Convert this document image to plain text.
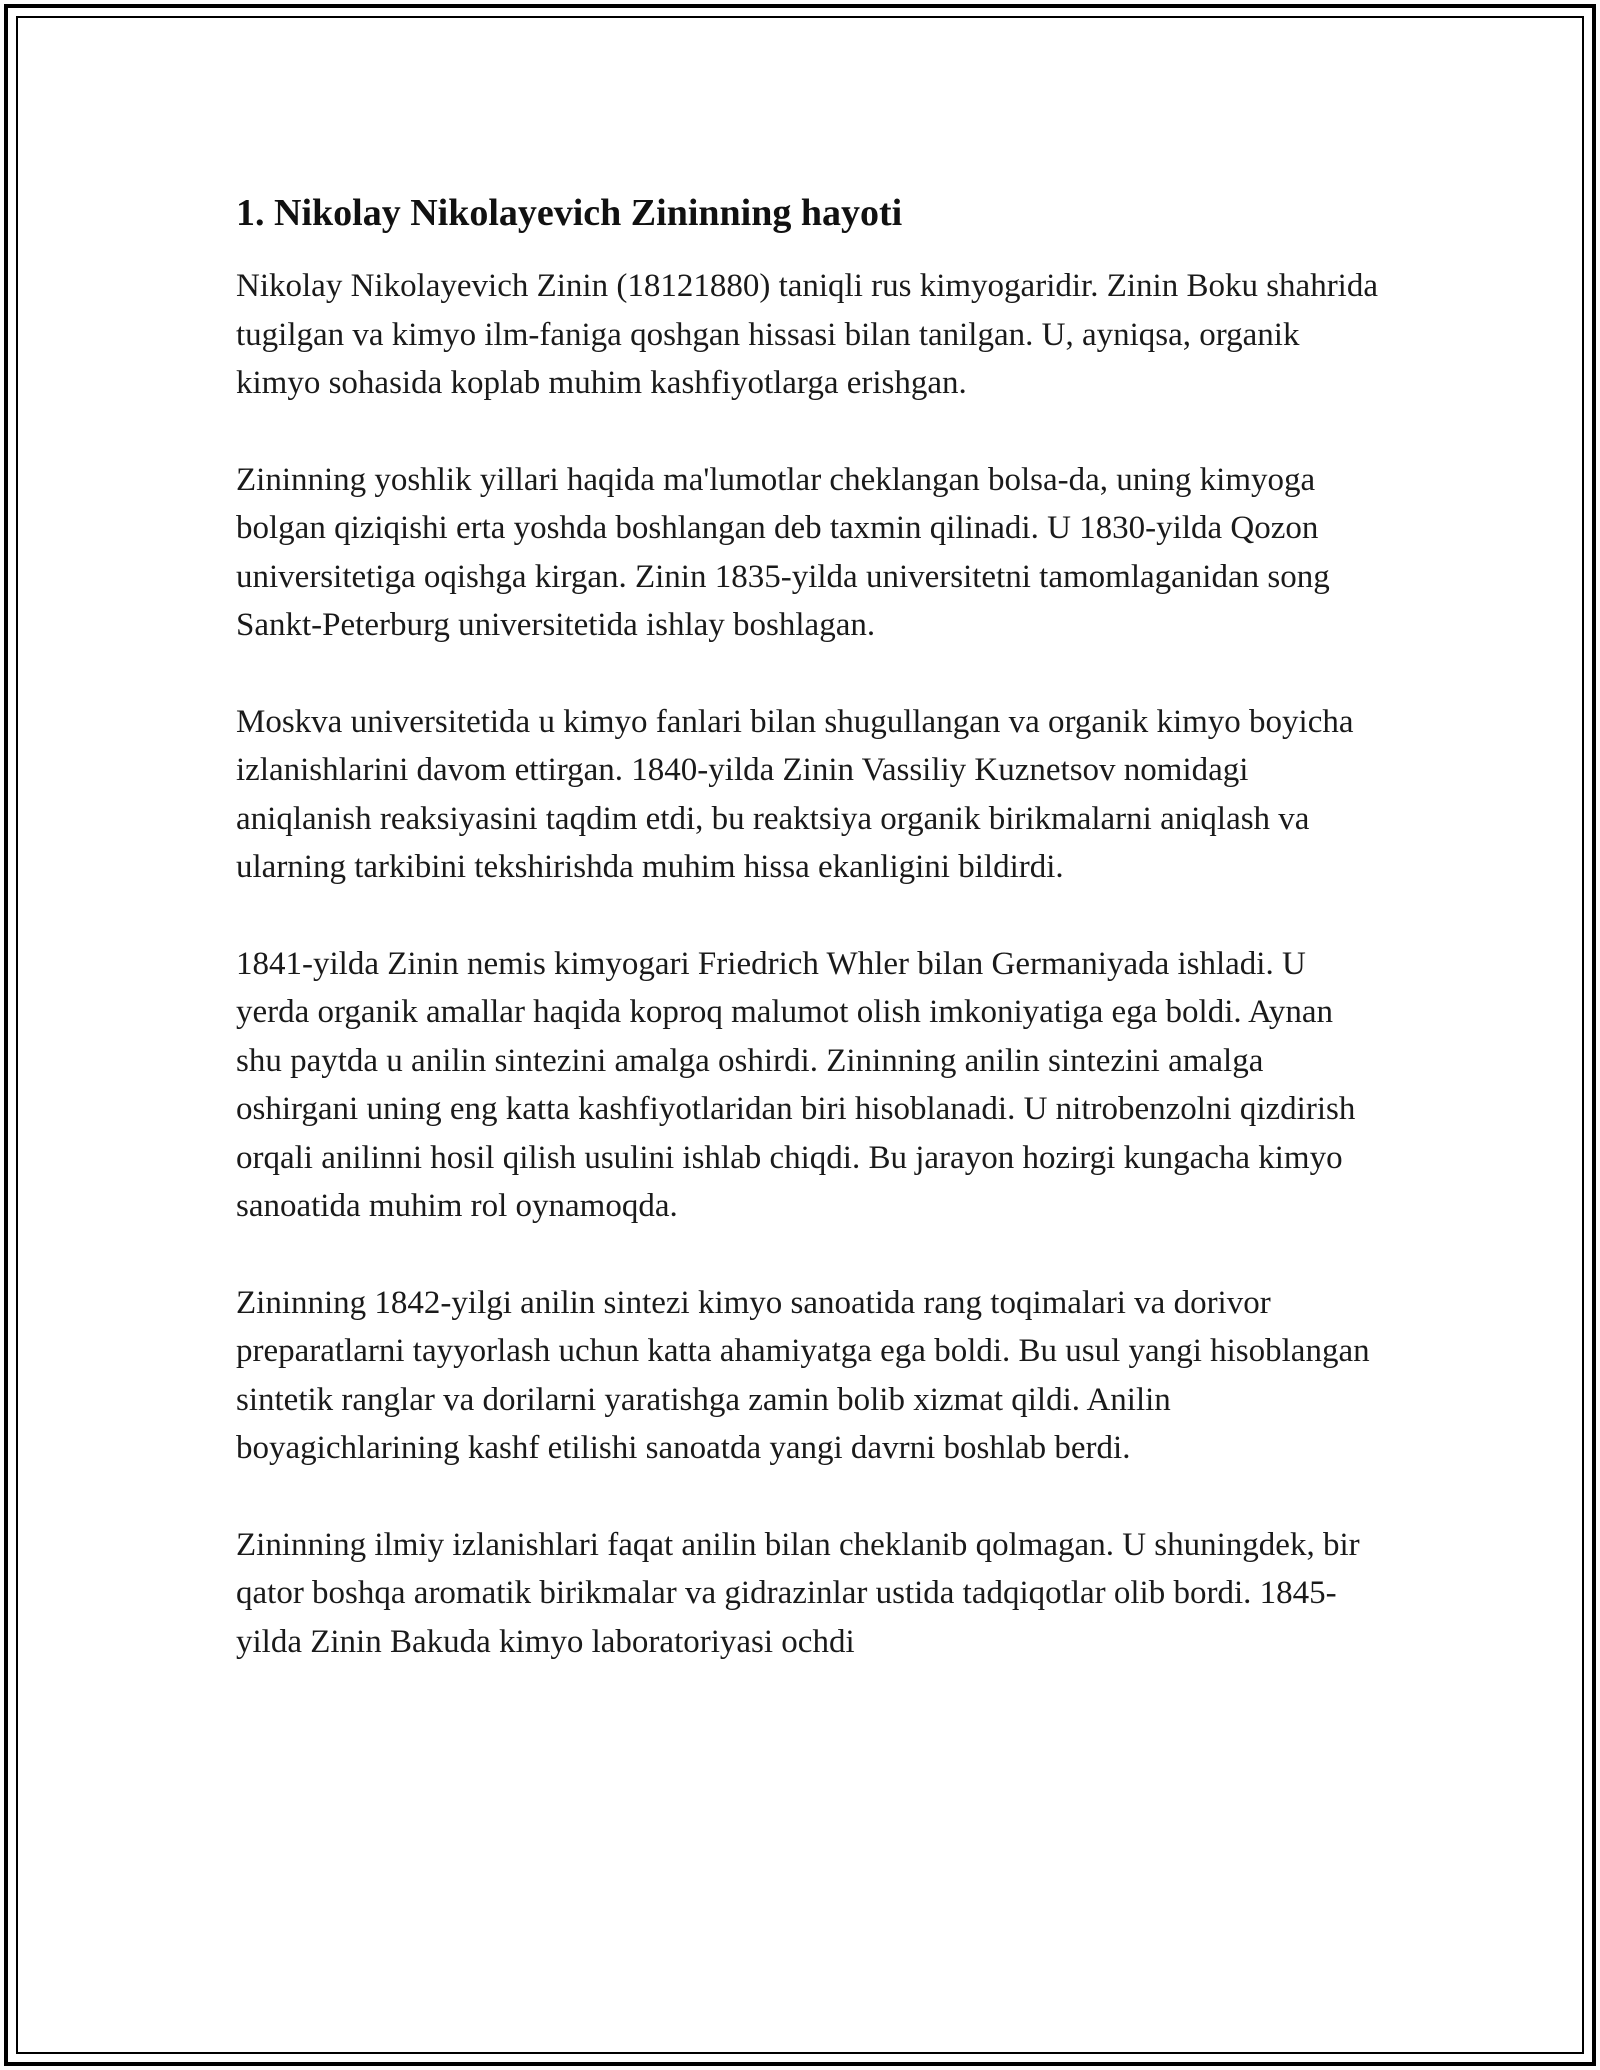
1. Nikolay Nikolayevich Zininning hayoti

Nikolay Nikolayevich Zinin (18121880) taniqli rus kimyogaridir. Zinin Boku shahrida tugilgan va kimyo ilm-faniga qoshgan hissasi bilan tanilgan. U, ayniqsa, organik kimyo sohasida koplab muhim kashfiyotlarga erishgan.

Zininning yoshlik yillari haqida ma'lumotlar cheklangan bolsa-da, uning kimyoga bolgan qiziqishi erta yoshda boshlangan deb taxmin qilinadi. U 1830-yilda Qozon universitetiga oqishga kirgan. Zinin 1835-yilda universitetni tamomlaganidan song Sankt-Peterburg universitetida ishlay boshlagan.

Moskva universitetida u kimyo fanlari bilan shugullangan va organik kimyo boyicha izlanishlarini davom ettirgan. 1840-yilda Zinin Vassiliy Kuznetsov nomidagi aniqlanish reaksiyasini taqdim etdi, bu reaktsiya organik birikmalarni aniqlash va ularning tarkibini tekshirishda muhim hissa ekanligini bildirdi.

1841-yilda Zinin nemis kimyogari Friedrich Whler bilan Germaniyada ishladi. U yerda organik amallar haqida koproq malumot olish imkoniyatiga ega boldi. Aynan shu paytda u anilin sintezini amalga oshirdi. Zininning anilin sintezini amalga oshirgani uning eng katta kashfiyotlaridan biri hisoblanadi. U nitrobenzolni qizdirish orqali anilinni hosil qilish usulini ishlab chiqdi. Bu jarayon hozirgi kungacha kimyo sanoatida muhim rol oynamoqda.

Zininning 1842-yilgi anilin sintezi kimyo sanoatida rang toqimalari va dorivor preparatlarni tayyorlash uchun katta ahamiyatga ega boldi. Bu usul yangi hisoblangan sintetik ranglar va dorilarni yaratishga zamin bolib xizmat qildi. Anilin boyagichlarining kashf etilishi sanoatda yangi davrni boshlab berdi.

Zininning ilmiy izlanishlari faqat anilin bilan cheklanib qolmagan. U shuningdek, bir qator boshqa aromatik birikmalar va gidrazinlar ustida tadqiqotlar olib bordi. 1845-yilda Zinin Bakuda kimyo laboratoriyasi ochdi
